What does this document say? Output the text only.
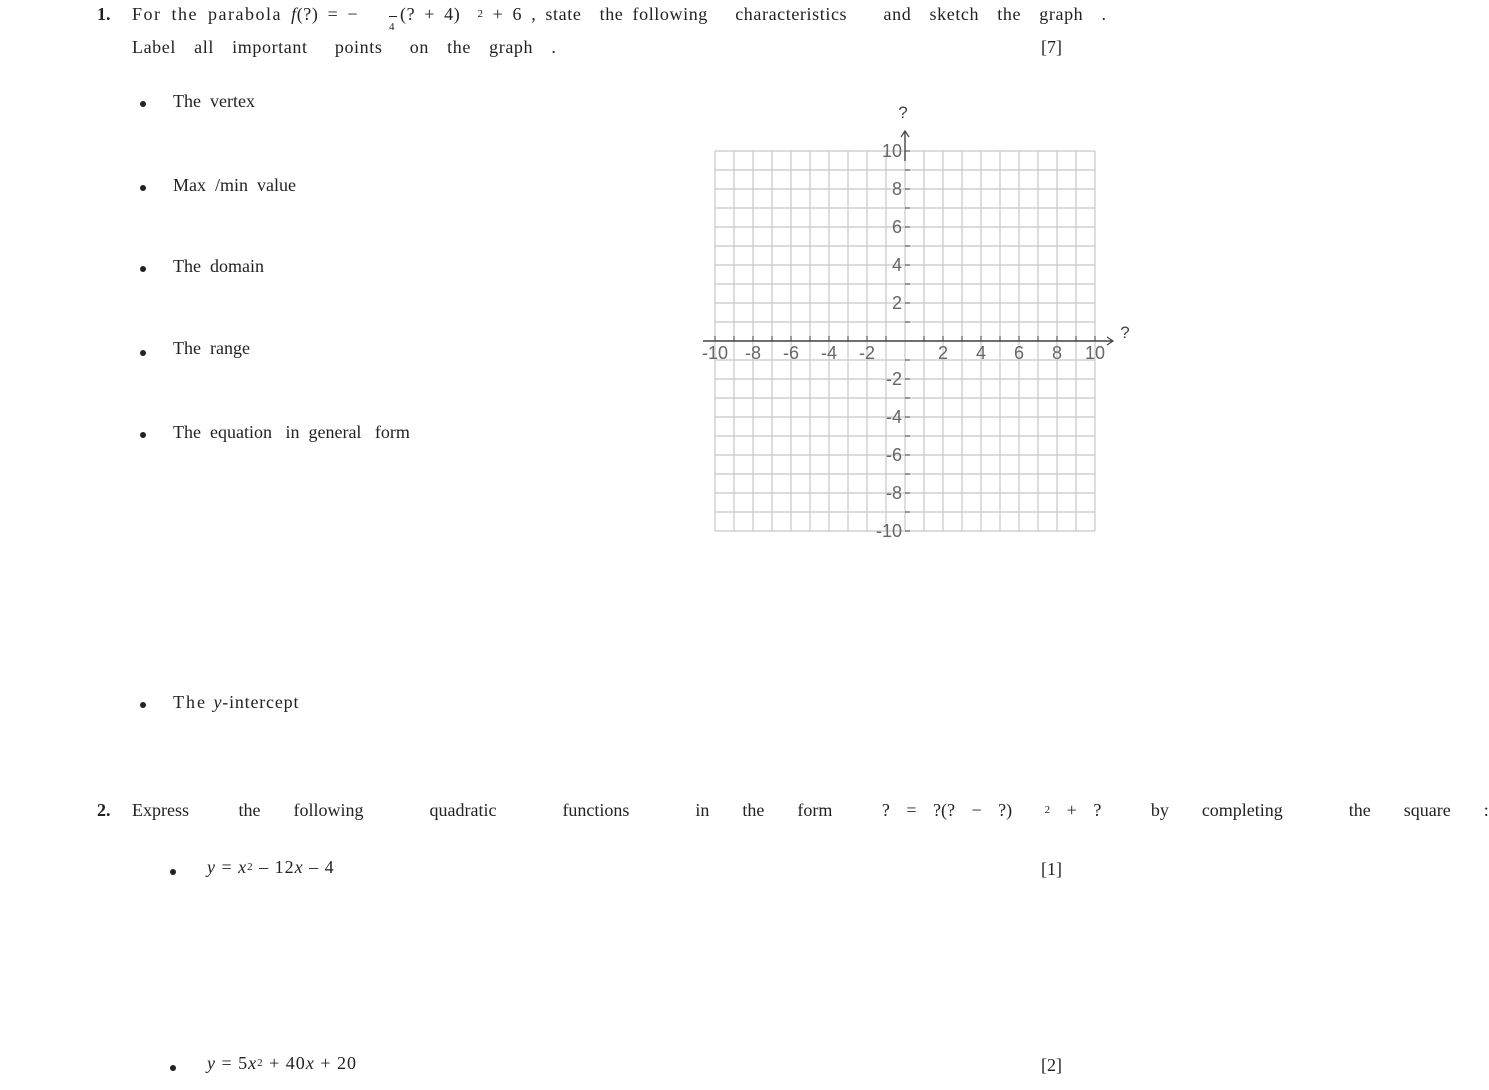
1. For the parabola f(?) = −
4
(? + 4) $^2$ + 6 , state  the following   characteristics    and  sketch  the  graph  .
Label  all  important   points   on  the  graph  .	[7]
The  vertex
Max  /min  value
The  domain
The  range
The  equation   in  general   form
The y-intercept
-10 -8 -6 -4 -2	2 4 6 8 10
10
8
6
4
2
-2
-4
-6
-8
-10
?
?
2. Express   the  following    quadratic    functions    in  the  form   ? = ?(? − ?)	$^2$ + ?   by  completing    the  square  :
$y = x^2 - 12x - 4$	[1]
$y = 5x^2 + 40x + 20$	[2]
